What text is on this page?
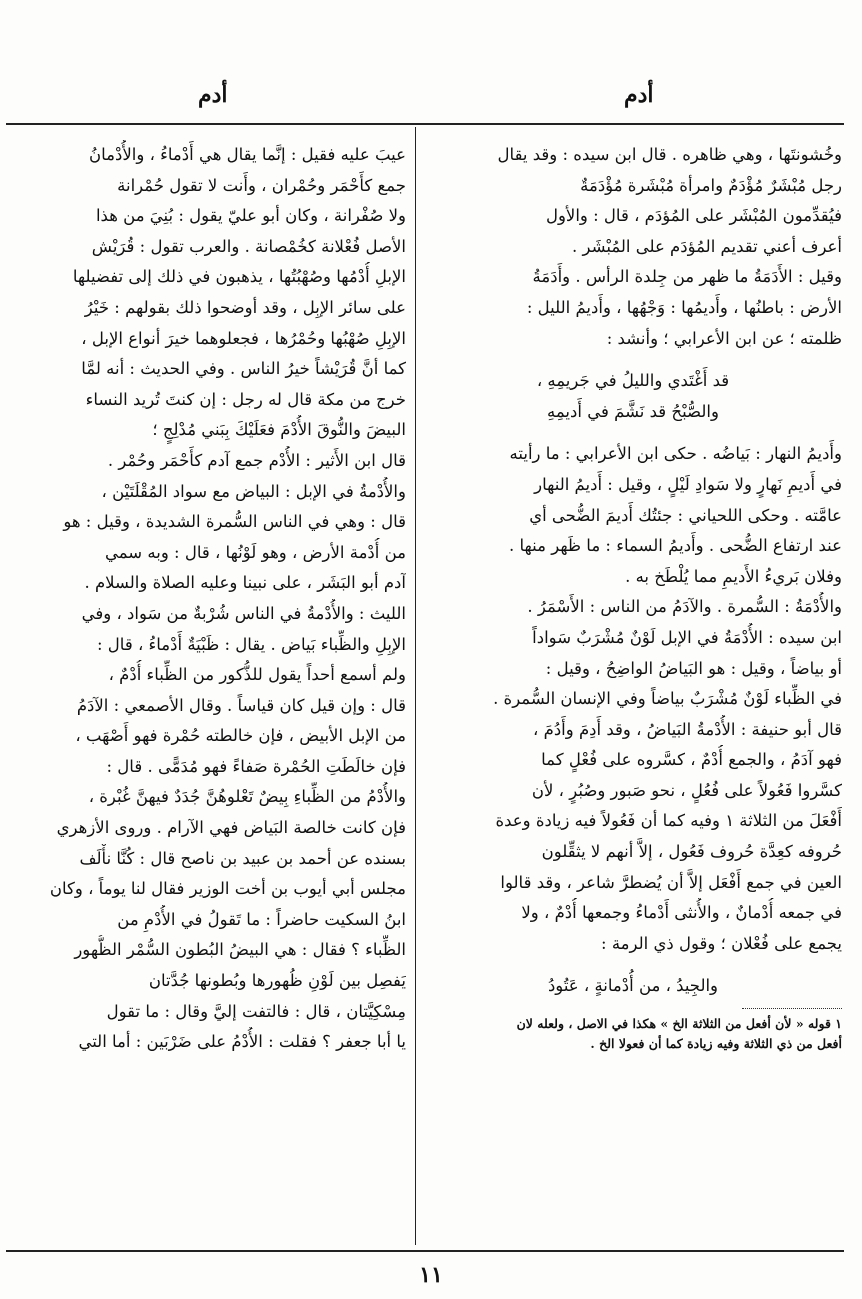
أدم	أدم
وخُشونتَها ، وهي ظاهره . قال ابن سيده : وقد يقال
رجل مُبْشَرٌ مُؤْدَمٌ وامرأة مُبْشَرة مُؤْدَمَةٌ
فيُقدِّمون المُبْشَر على المُؤدَم ، قال : والأول
أعرف أعني تقديم المُؤدَم على المُبْشَر .
وقيل : الأَدَمَةُ ما ظهر من جِلدة الرأس . وأَدَمَةُ
الأرض : باطنُها ، وأَديمُها : وَجْهُها ، وأَديمُ الليل :
ظلمته ؛ عن ابن الأعرابي ؛ وأنشد :
قد أَغْتَدي والليلُ في جَريمِهِ ،
والصُّبْحُ قد نَشَّمَ في أَديمِهِ
وأَديمُ النهار : بَياضُه . حكى ابن الأعرابي : ما رأيته
في أَديمِ نَهارٍ ولا سَوادِ لَيْلٍ ، وقيل : أَديمُ النهار
عامَّته . وحكى اللحياني : جئتُك أَديمَ الضُّحى أي
عند ارتفاع الضُّحى . وأَديمُ السماء : ما ظَهر منها .
وفلان بَريءُ الأَديمِ مما يُلْطَخ به .
والأُدْمَةُ : السُّمرة . والآدَمُ من الناس : الأَسْمَرُ .
ابن سيده : الأُدْمَةُ في الإبل لَوْنٌ مُشْرَبٌ سَواداً
أو بياضاً ، وقيل : هو البَياضُ الواضِحُ ، وقيل :
في الظِّباء لَوْنٌ مُشْرَبٌ بياضاً وفي الإنسان السُّمرة .
قال أبو حنيفة : الأُدْمةُ البَياضُ ، وقد أَدِمَ وأَدُمَ ،
فهو آدَمُ ، والجمع أُدْمٌ ، كسَّروه على فُعْلٍ كما
كسَّروا فَعُولاً على فُعُلٍ ، نحو صَبور وصُبُرٍ ، لأن
أَفْعَلَ من الثلاثة ١ وفيه كما أن فَعُولاً فيه زيادة وعدة
حُروفه كعِدَّة حُروف فَعُول ، إلاَّ أنهم لا يثقِّلون
العين في جمع أَفْعَل إلاَّ أن يُضطرَّ شاعر ، وقد قالوا
في جمعه أُدْمانٌ ، والأُنثى أَدْماءُ وجمعها أُدْمٌ ، ولا
يجمع على فُعْلان ؛ وقول ذي الرمة :
والجِيدُ ، من أُدْمانةٍ ، عَتُودُ
١ قوله « لأن أفعل من الثلاثة الخ » هكذا في الاصل ، ولعله لان
أفعل من ذي الثلاثة وفيه زيادة كما أن فعولا الخ .
عيبَ عليه فقيل : إنَّما يقال هي أَدْماءُ ، والأُدْمانُ
جمع كأَحْمَر وحُمْران ، وأَنت لا تقول حُمْرانة
ولا صُفْرانة ، وكان أبو عليّ يقول : بُنِيَ من هذا
الأصل فُعْلانة كخُمْصانة . والعرب تقول : قُرَيْش
الإبلِ أُدْمُها وصُهْبُتُها ، يذهبون في ذلك إلى تفضيلها
على سائر الإبِل ، وقد أوضحوا ذلك بقولهم : خَيْرُ
الإبِلِ صُهْبُها وحُمْرُها ، فجعلوهما خيرَ أنواع الإبل ،
كما أنَّ قُرَيْشاً خيرُ الناس . وفي الحديث : أنه لمَّا
خرج من مكة قال له رجل : إن كنتَ تُريد النساء
البيضَ والنُّوقَ الأُدْمَ فعَلَيْكَ بِبَني مُدْلِجٍ ؛
قال ابن الأَثير : الأُدْم جمع آدم كأَحْمَر وحُمْر .
والأُدْمةُ في الإبل : البياض مع سواد المُقْلَتَيْن ،
قال : وهي في الناس السُّمرة الشديدة ، وقيل : هو
من أُدْمة الأرض ، وهو لَوْنُها ، قال : وبه سمي
آدم أبو البَشَر ، على نبينا وعليه الصلاة والسلام .
الليث : والأُدْمةُ في الناس شُرْبةٌ من سَواد ، وفي
الإبِلِ والظِّباء بَياض . يقال : ظَبْيَةٌ أَدْماءُ ، قال :
ولم أسمع أحداً يقول للذُّكور من الظِّباء أُدْمٌ ،
قال : وإن قيل كان قياساً . وقال الأصمعي : الآدَمُ
من الإبل الأبيض ، فإن خالطته حُمْرة فهو أَصْهَب ،
فإن خالَطَتِ الحُمْرة صَفاءً فهو مُدَمًّى . قال :
والأُدْمُ من الظِّباءِ بِيضٌ تَعْلوهُنَّ جُدَدٌ فيهنَّ غُبْرة ،
فإن كانت خالصة البَياض فهي الآرام . وروى الأزهري
بسنده عن أحمد بن عبيد بن ناصح قال : كُنَّا نأْلَف
مجلس أبي أيوب بن أخت الوزير فقال لنا يوماً ، وكان
ابنُ السكيت حاضراً : ما تَقولُ في الأُدْمِ من
الظِّباء ؟ فقال : هي البيضُ البُطون السُّمْر الظُّهور
يَفصِل بين لَوْنِ ظُهورها وبُطونها جُدَّتان
مِسْكِيَّتان ، قال : فالتفت إليَّ وقال : ما تقول
يا أبا جعفر ؟ فقلت : الأُدْمُ على ضَرْبَين : أما التي
١١
